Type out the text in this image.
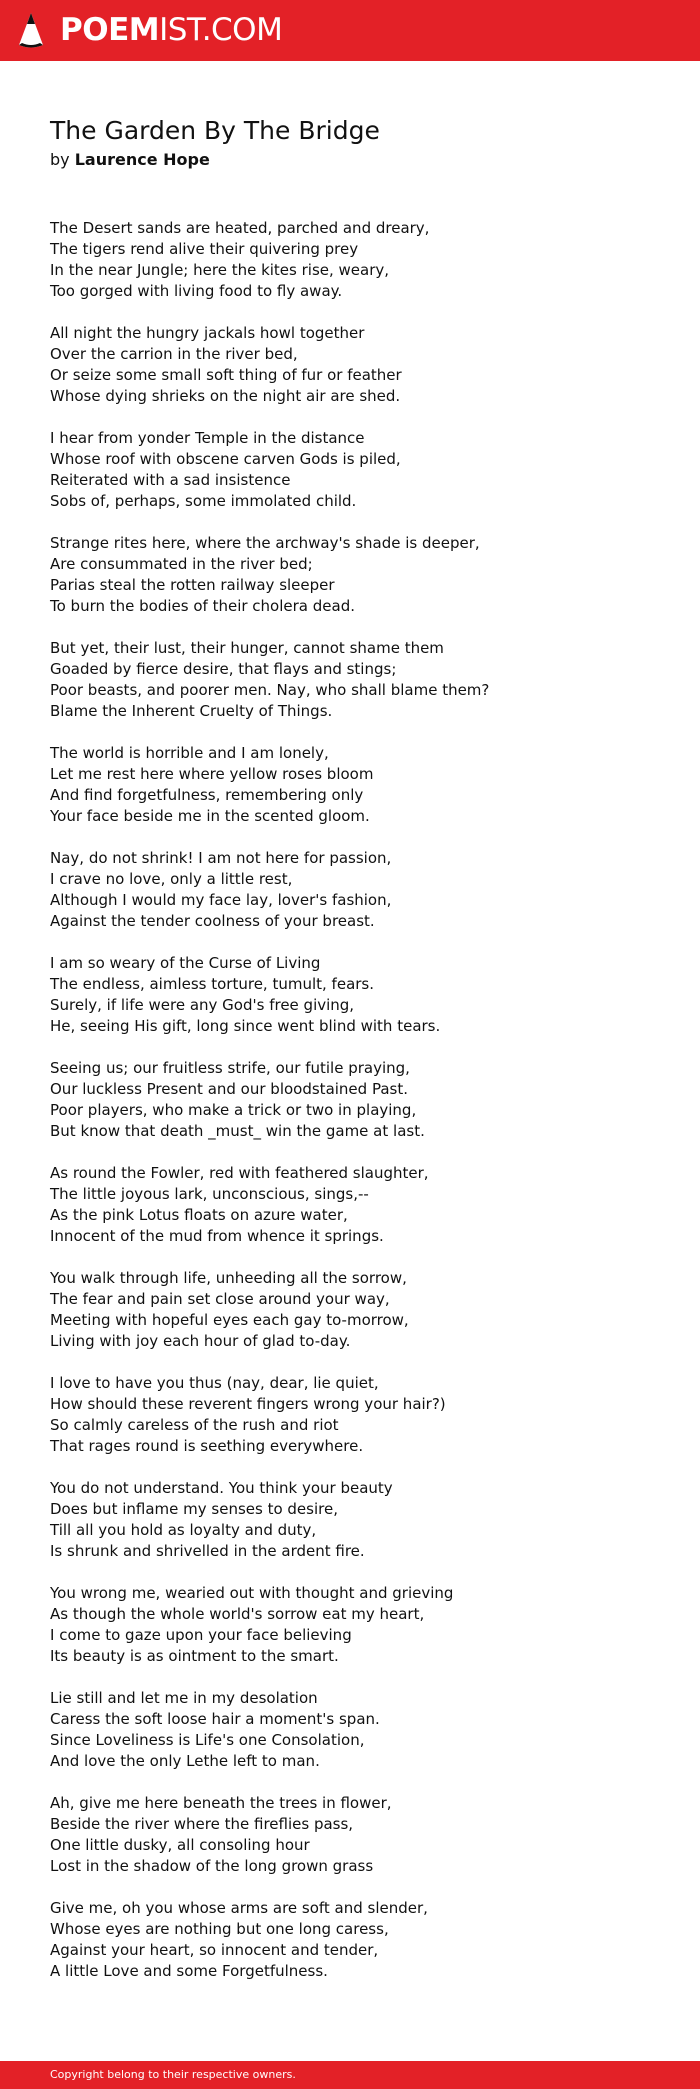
POEMIST.COM
The Garden By The Bridge
by Laurence Hope
The Desert sands are heated, parched and dreary,
The tigers rend alive their quivering prey
In the near Jungle; here the kites rise, weary,
Too gorged with living food to fly away.
All night the hungry jackals howl together
Over the carrion in the river bed,
Or seize some small soft thing of fur or feather
Whose dying shrieks on the night air are shed.
I hear from yonder Temple in the distance
Whose roof with obscene carven Gods is piled,
Reiterated with a sad insistence
Sobs of, perhaps, some immolated child.
Strange rites here, where the archway's shade is deeper,
Are consummated in the river bed;
Parias steal the rotten railway sleeper
To burn the bodies of their cholera dead.
But yet, their lust, their hunger, cannot shame them
Goaded by fierce desire, that flays and stings;
Poor beasts, and poorer men. Nay, who shall blame them?
Blame the Inherent Cruelty of Things.
The world is horrible and I am lonely,
Let me rest here where yellow roses bloom
And find forgetfulness, remembering only
Your face beside me in the scented gloom.
Nay, do not shrink! I am not here for passion,
I crave no love, only a little rest,
Although I would my face lay, lover's fashion,
Against the tender coolness of your breast.
I am so weary of the Curse of Living
The endless, aimless torture, tumult, fears.
Surely, if life were any God's free giving,
He, seeing His gift, long since went blind with tears.
Seeing us; our fruitless strife, our futile praying,
Our luckless Present and our bloodstained Past.
Poor players, who make a trick or two in playing,
But know that death _must_ win the game at last.
As round the Fowler, red with feathered slaughter,
The little joyous lark, unconscious, sings,--
As the pink Lotus floats on azure water,
Innocent of the mud from whence it springs.
You walk through life, unheeding all the sorrow,
The fear and pain set close around your way,
Meeting with hopeful eyes each gay to-morrow,
Living with joy each hour of glad to-day.
I love to have you thus (nay, dear, lie quiet,
How should these reverent fingers wrong your hair?)
So calmly careless of the rush and riot
That rages round is seething everywhere.
You do not understand. You think your beauty
Does but inflame my senses to desire,
Till all you hold as loyalty and duty,
Is shrunk and shrivelled in the ardent fire.
You wrong me, wearied out with thought and grieving
As though the whole world's sorrow eat my heart,
I come to gaze upon your face believing
Its beauty is as ointment to the smart.
Lie still and let me in my desolation
Caress the soft loose hair a moment's span.
Since Loveliness is Life's one Consolation,
And love the only Lethe left to man.
Ah, give me here beneath the trees in flower,
Beside the river where the fireflies pass,
One little dusky, all consoling hour
Lost in the shadow of the long grown grass
Give me, oh you whose arms are soft and slender,
Whose eyes are nothing but one long caress,
Against your heart, so innocent and tender,
A little Love and some Forgetfulness.
Copyright belong to their respective owners.
